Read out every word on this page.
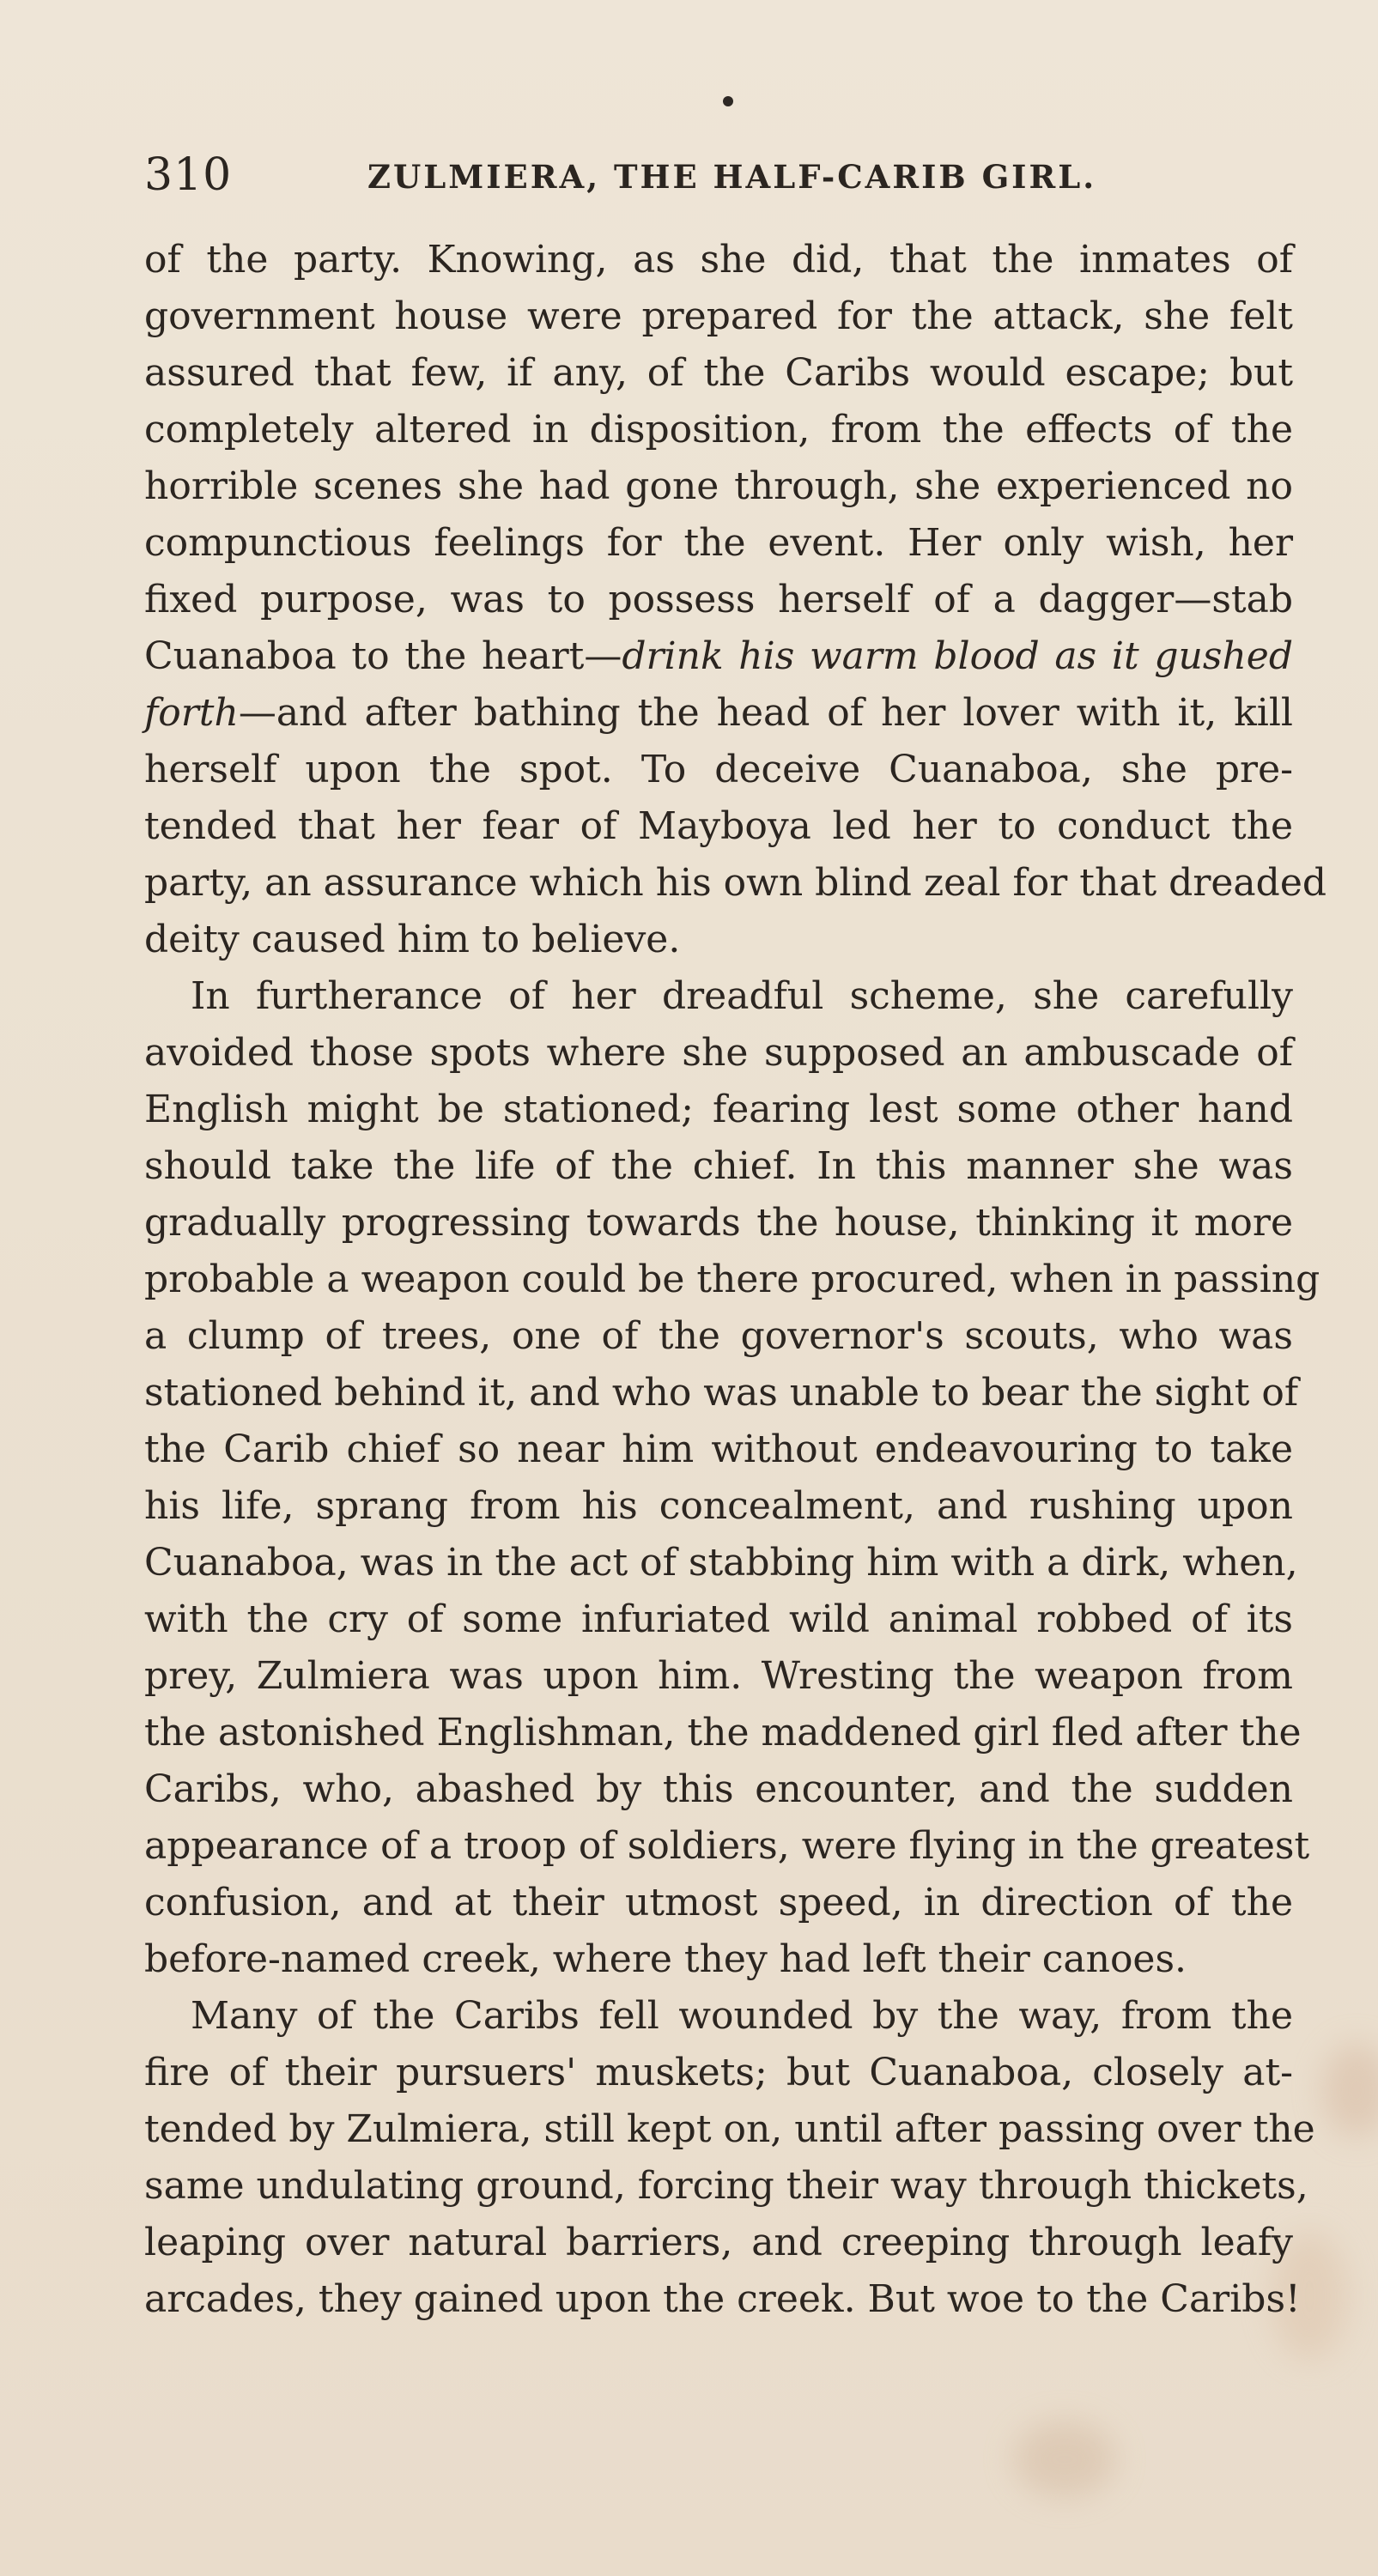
310	ZULMIERA, THE HALF-CARIB GIRL.
of the party. Knowing, as she did, that the inmates of
government house were prepared for the attack, she felt
assured that few, if any, of the Caribs would escape; but
completely altered in disposition, from the effects of the
horrible scenes she had gone through, she experienced no
compunctious feelings for the event. Her only wish, her
fixed purpose, was to possess herself of a dagger—stab
Cuanaboa to the heart—drink his warm blood as it gushed
forth—and after bathing the head of her lover with it, kill
herself upon the spot. To deceive Cuanaboa, she pre-
tended that her fear of Mayboya led her to conduct the
party, an assurance which his own blind zeal for that dreaded
deity caused him to believe.
In furtherance of her dreadful scheme, she carefully
avoided those spots where she supposed an ambuscade of
English might be stationed; fearing lest some other hand
should take the life of the chief. In this manner she was
gradually progressing towards the house, thinking it more
probable a weapon could be there procured, when in passing
a clump of trees, one of the governor's scouts, who was
stationed behind it, and who was unable to bear the sight of
the Carib chief so near him without endeavouring to take
his life, sprang from his concealment, and rushing upon
Cuanaboa, was in the act of stabbing him with a dirk, when,
with the cry of some infuriated wild animal robbed of its
prey, Zulmiera was upon him. Wresting the weapon from
the astonished Englishman, the maddened girl fled after the
Caribs, who, abashed by this encounter, and the sudden
appearance of a troop of soldiers, were flying in the greatest
confusion, and at their utmost speed, in direction of the
before-named creek, where they had left their canoes.
Many of the Caribs fell wounded by the way, from the
fire of their pursuers' muskets; but Cuanaboa, closely at-
tended by Zulmiera, still kept on, until after passing over the
same undulating ground, forcing their way through thickets,
leaping over natural barriers, and creeping through leafy
arcades, they gained upon the creek. But woe to the Caribs!
